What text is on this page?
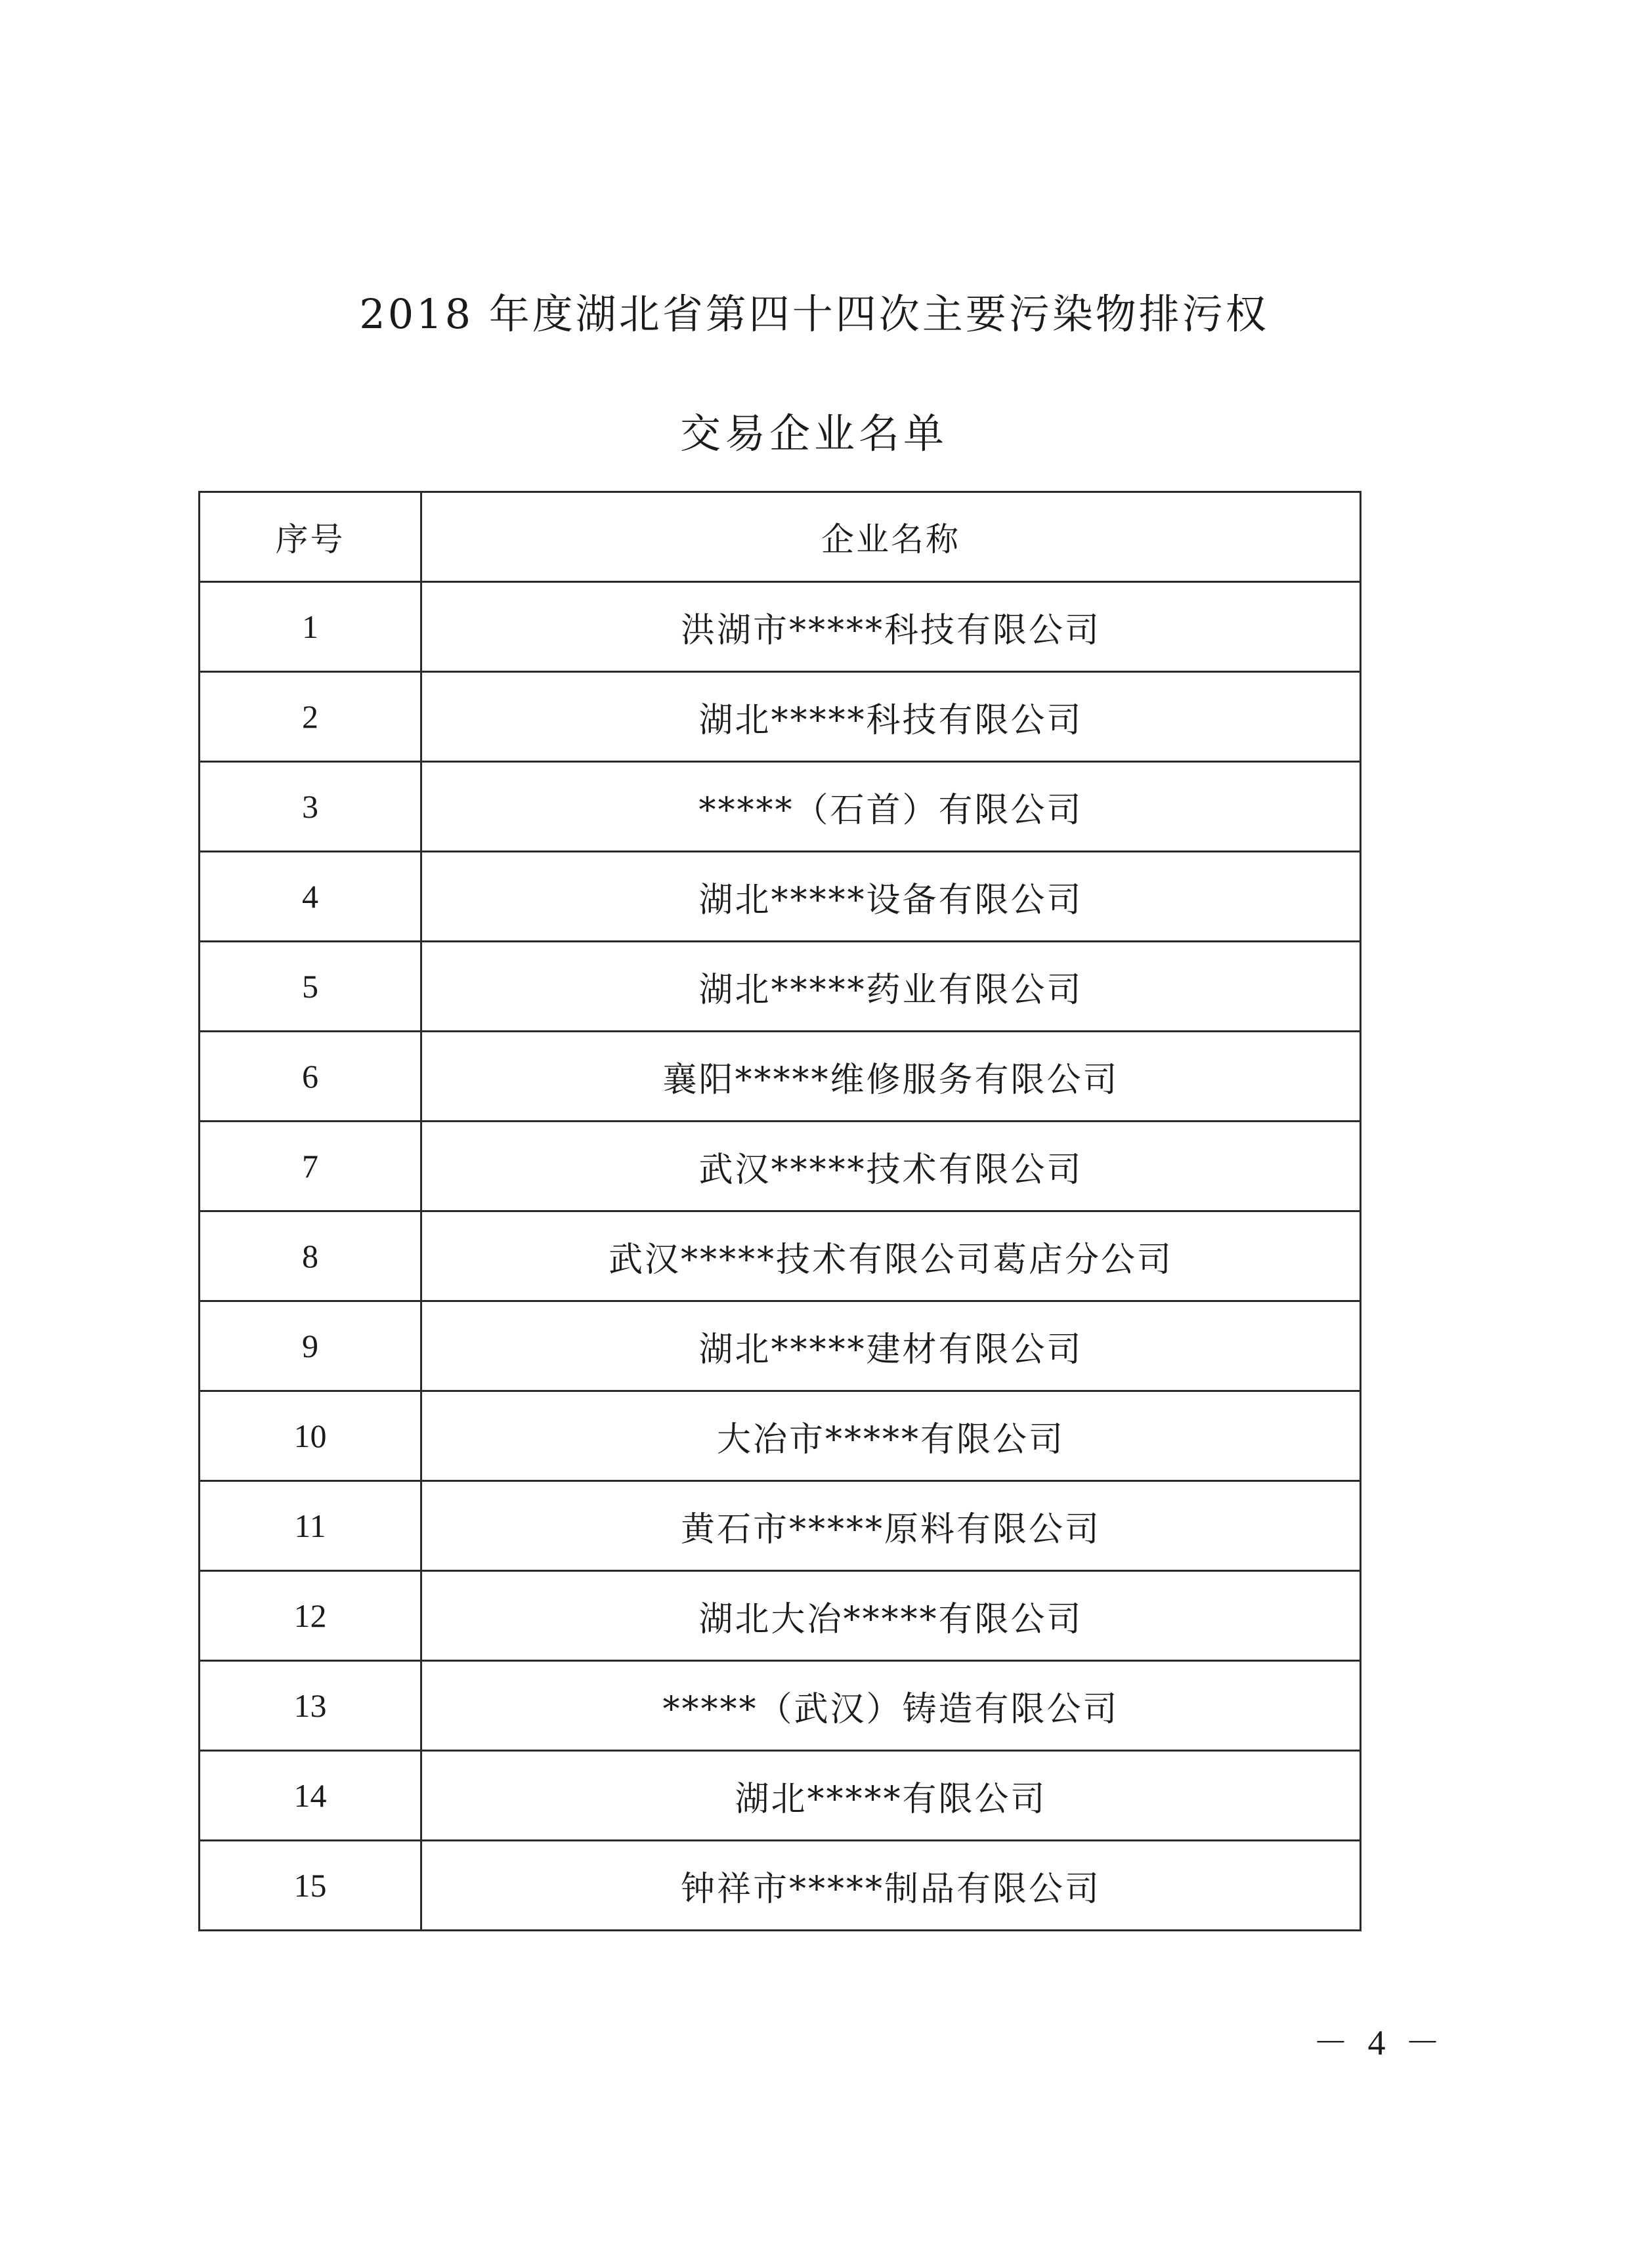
2018 年度湖北省第四十四次主要污染物排污权
交易企业名单
序号	企业名称
1	洪湖市*****科技有限公司
2	湖北*****科技有限公司
3	*****（石首）有限公司
4	湖北*****设备有限公司
5	湖北*****药业有限公司
6	襄阳*****维修服务有限公司
7	武汉*****技术有限公司
8	武汉*****技术有限公司葛店分公司
9	湖北*****建材有限公司
10	大冶市*****有限公司
11	黄石市*****原料有限公司
12	湖北大冶*****有限公司
13	*****（武汉）铸造有限公司
14	湖北*****有限公司
15	钟祥市*****制品有限公司
－ 4 －
